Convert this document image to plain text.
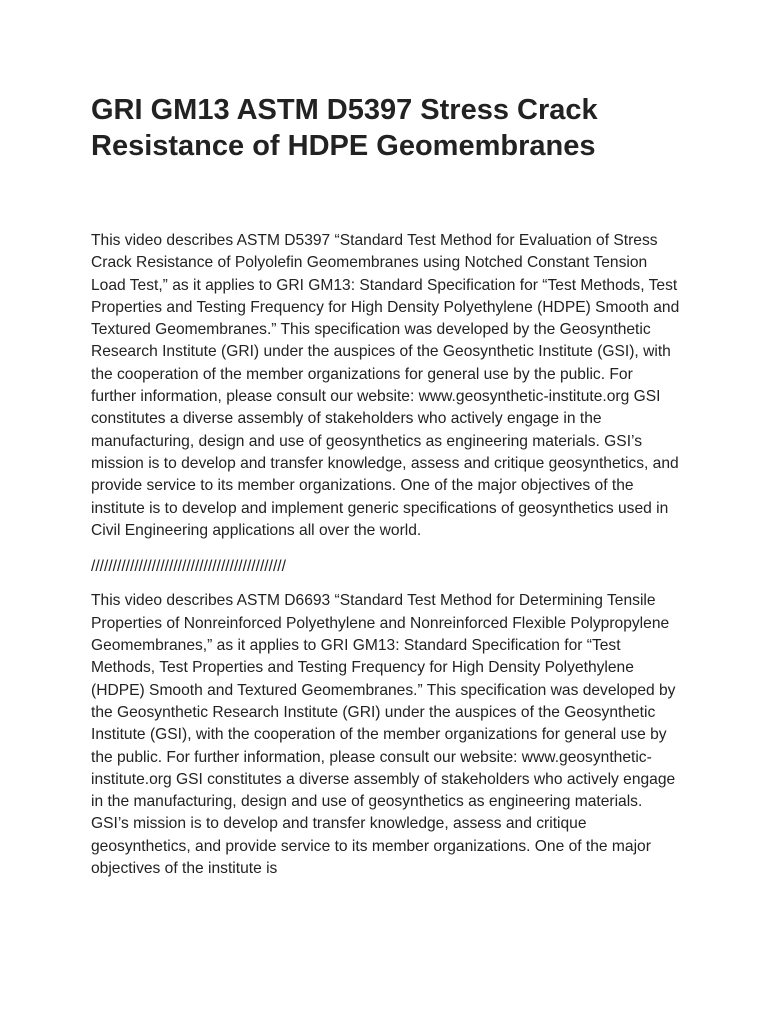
GRI GM13 ASTM D5397 Stress Crack
Resistance of HDPE Geomembranes

This video describes ASTM D5397 “Standard Test Method for Evaluation of Stress Crack Resistance of Polyolefin Geomembranes using Notched Constant Tension Load Test,” as it applies to GRI GM13: Standard Specification for “Test Methods, Test Properties and Testing Frequency for High Density Polyethylene (HDPE) Smooth and Textured Geomembranes.” This specification was developed by the Geosynthetic Research Institute (GRI) under the auspices of the Geosynthetic Institute (GSI), with the cooperation of the member organizations for general use by the public. For further information, please consult our website: www.geosynthetic-institute.org GSI constitutes a diverse assembly of stakeholders who actively engage in the manufacturing, design and use of geosynthetics as engineering materials. GSI’s mission is to develop and transfer knowledge, assess and critique geosynthetics, and provide service to its member organizations. One of the major objectives of the institute is to develop and implement generic specifications of geosynthetics used in Civil Engineering applications all over the world.

/////////////////////////////////////////////

This video describes ASTM D6693 “Standard Test Method for Determining Tensile Properties of Nonreinforced Polyethylene and Nonreinforced Flexible Polypropylene Geomembranes,” as it applies to GRI GM13: Standard Specification for “Test Methods, Test Properties and Testing Frequency for High Density Polyethylene (HDPE) Smooth and Textured Geomembranes.” This specification was developed by the Geosynthetic Research Institute (GRI) under the auspices of the Geosynthetic Institute (GSI), with the cooperation of the member organizations for general use by the public. For further information, please consult our website: www.geosynthetic-institute.org GSI constitutes a diverse assembly of stakeholders who actively engage in the manufacturing, design and use of geosynthetics as engineering materials. GSI’s mission is to develop and transfer knowledge, assess and critique geosynthetics, and provide service to its member organizations. One of the major objectives of the institute is
